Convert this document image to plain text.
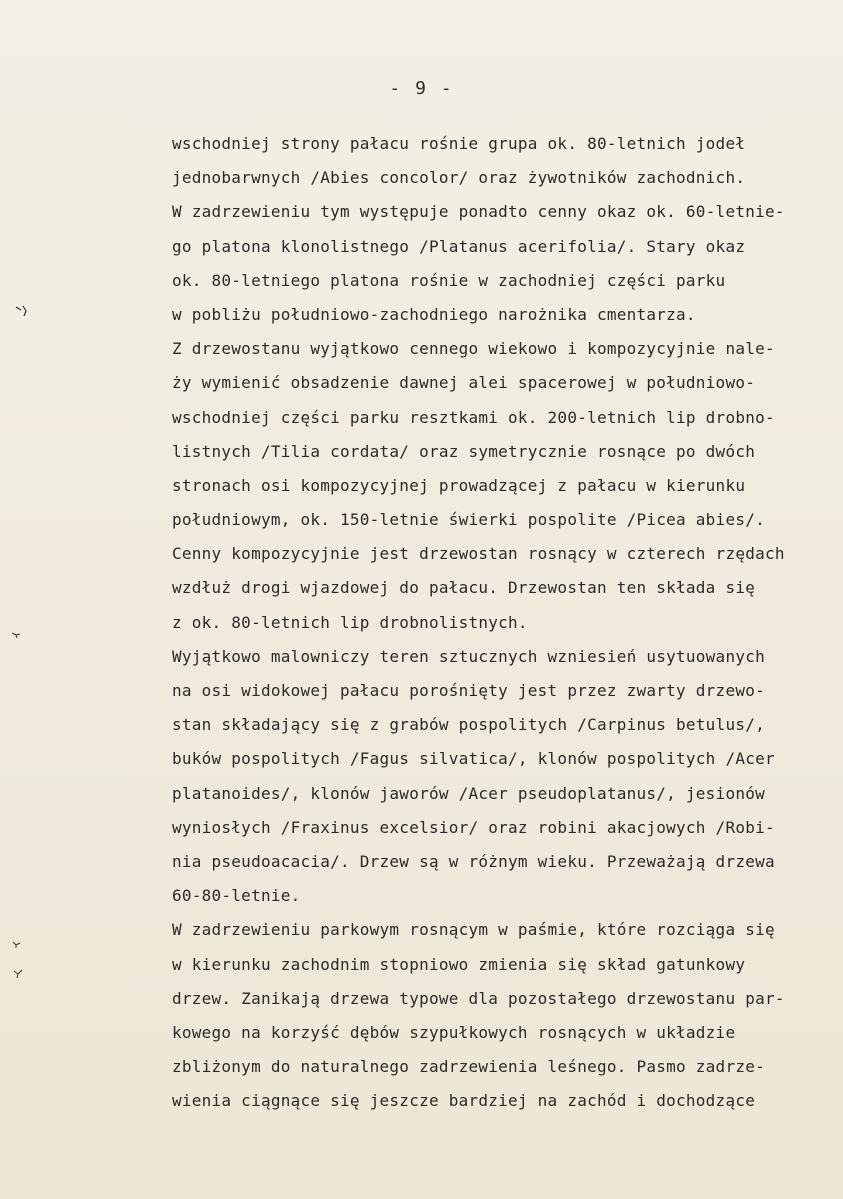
- 9 -
wschodniej strony pałacu rośnie grupa ok. 80-letnich jodeł
jednobarwnych /Abies concolor/ oraz żywotników zachodnich.
W zadrzewieniu tym występuje ponadto cenny okaz ok. 60-letnie-
go platona klonolistnego /Platanus acerifolia/. Stary okaz
ok. 80-letniego platona rośnie w zachodniej części parku
w pobliżu południowo-zachodniego narożnika cmentarza.
Z drzewostanu wyjątkowo cennego wiekowo i kompozycyjnie nale-
ży wymienić obsadzenie dawnej alei spacerowej w południowo-
wschodniej części parku resztkami ok. 200-letnich lip drobno-
listnych /Tilia cordata/ oraz symetrycznie rosnące po dwóch
stronach osi kompozycyjnej prowadzącej z pałacu w kierunku
południowym, ok. 150-letnie świerki pospolite /Picea abies/.
Cenny kompozycyjnie jest drzewostan rosnący w czterech rzędach
wzdłuż drogi wjazdowej do pałacu. Drzewostan ten składa się
z ok. 80-letnich lip drobnolistnych.
Wyjątkowo malowniczy teren sztucznych wzniesień usytuowanych
na osi widokowej pałacu porośnięty jest przez zwarty drzewo-
stan składający się z grabów pospolitych /Carpinus betulus/,
buków pospolitych /Fagus silvatica/, klonów pospolitych /Acer
platanoides/, klonów jaworów /Acer pseudoplatanus/, jesionów
wyniosłych /Fraxinus excelsior/ oraz robini akacjowych /Robi-
nia pseudoacacia/. Drzew są w różnym wieku. Przeważają drzewa
60-80-letnie.
W zadrzewieniu parkowym rosnącym w paśmie, które rozciąga się
w kierunku zachodnim stopniowo zmienia się skład gatunkowy
drzew. Zanikają drzewa typowe dla pozostałego drzewostanu par-
kowego na korzyść dębów szypułkowych rosnących w układzie
zbliżonym do naturalnego zadrzewienia leśnego. Pasmo zadrze-
wienia ciągnące się jeszcze bardziej na zachód i dochodzące
